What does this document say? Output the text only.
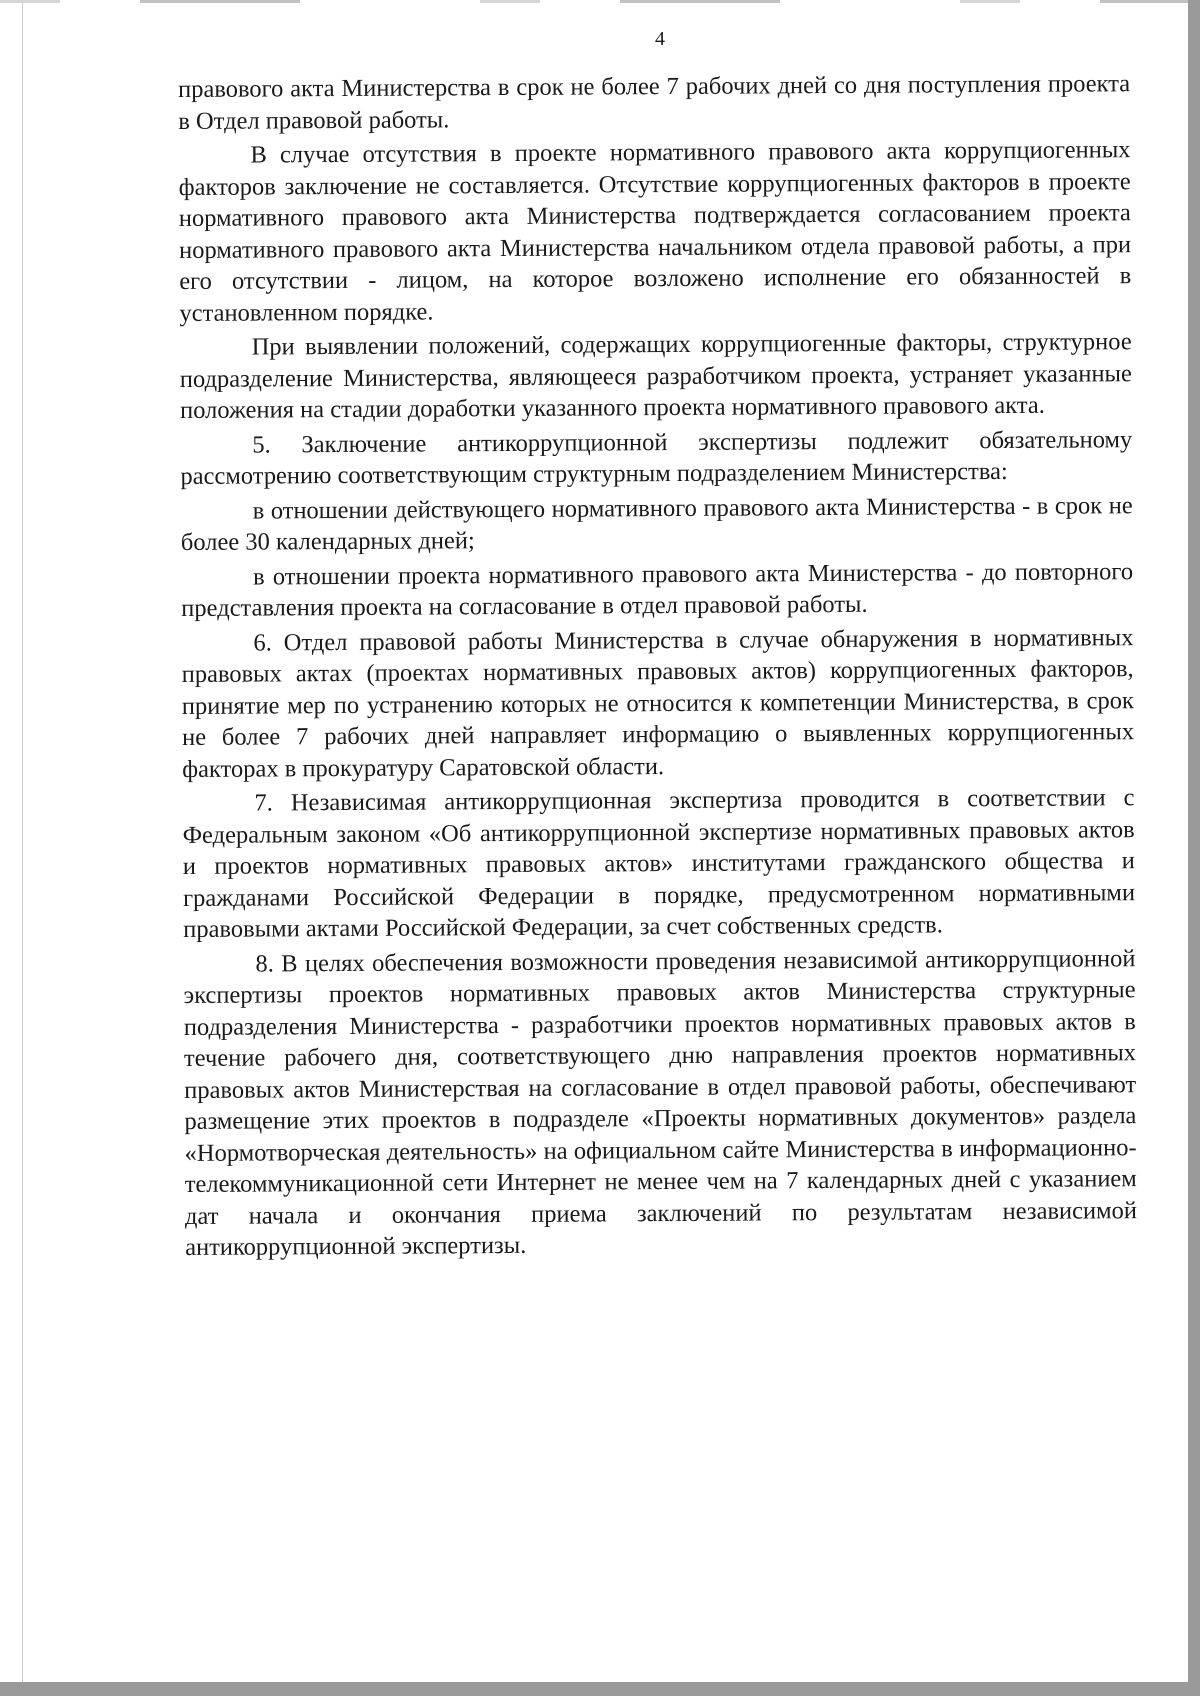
4

правового акта Министерства в срок не более 7 рабочих дней со дня поступления проекта в Отдел правовой работы.

В случае отсутствия в проекте нормативного правового акта коррупциогенных факторов заключение не составляется. Отсутствие коррупциогенных факторов в проекте нормативного правового акта Министерства подтверждается согласованием проекта нормативного правового акта Министерства начальником отдела правовой работы, а при его отсутствии - лицом, на которое возложено исполнение его обязанностей в установленном порядке.

При выявлении положений, содержащих коррупциогенные факторы, структурное подразделение Министерства, являющееся разработчиком проекта, устраняет указанные положения на стадии доработки указанного проекта нормативного правового акта.

5. Заключение антикоррупционной экспертизы подлежит обязательному рассмотрению соответствующим структурным подразделением Министерства:

в отношении действующего нормативного правового акта Министерства - в срок не более 30 календарных дней;

в отношении проекта нормативного правового акта Министерства - до повторного представления проекта на согласование в отдел правовой работы.

6. Отдел правовой работы Министерства в случае обнаружения в нормативных правовых актах (проектах нормативных правовых актов) коррупциогенных факторов, принятие мер по устранению которых не относится к компетенции Министерства, в срок не более 7 рабочих дней направляет информацию о выявленных коррупциогенных факторах в прокуратуру Саратовской области.

7. Независимая антикоррупционная экспертиза проводится в соответствии с Федеральным законом «Об антикоррупционной экспертизе нормативных правовых актов и проектов нормативных правовых актов» институтами гражданского общества и гражданами Российской Федерации в порядке, предусмотренном нормативными правовыми актами Российской Федерации, за счет собственных средств.

8. В целях обеспечения возможности проведения независимой антикоррупционной экспертизы проектов нормативных правовых актов Министерства структурные подразделения Министерства - разработчики проектов нормативных правовых актов в течение рабочего дня, соответствующего дню направления проектов нормативных правовых актов Министерствая на согласование в отдел правовой работы, обеспечивают размещение этих проектов в подразделе «Проекты нормативных документов» раздела «Нормотворческая деятельность» на официальном сайте Министерства в информационно-телекоммуникационной сети Интернет не менее чем на 7 календарных дней с указанием дат начала и окончания приема заключений по результатам независимой антикоррупционной экспертизы.
